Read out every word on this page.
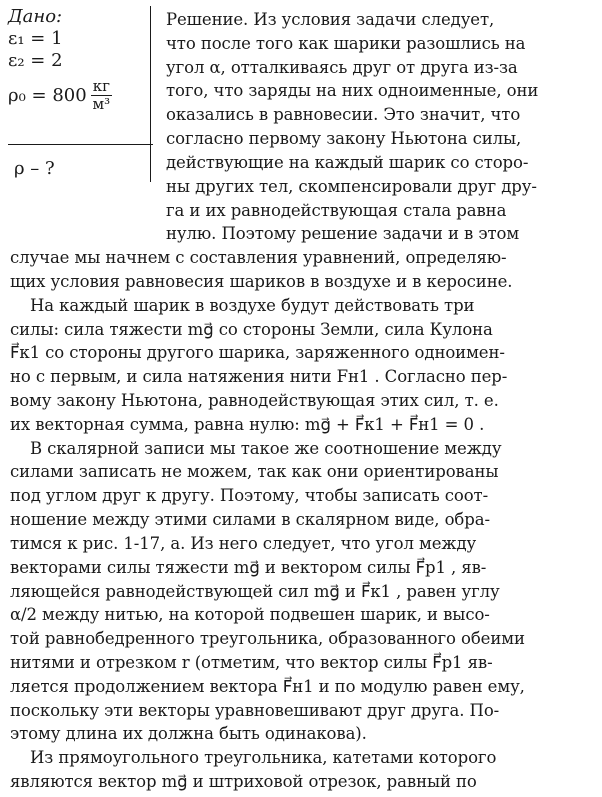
Дано:
ε₁ = 1
ε₂ = 2
$\rho_0 = 800 \frac{кг}{\text{м³}}$
ρ – ?
Решение. Из условия задачи следует,
что после того как шарики разошлись на
угол α, отталкиваясь друг от друга из-за
того, что заряды на них одноименные, они
оказались в равновесии. Это значит, что
согласно первому закону Ньютона силы,
действующие на каждый шарик со сторо-
ны других тел, скомпенсировали друг дру-
га и их равнодействующая стала равна
нулю. Поэтому решение задачи и в этом
случае мы начнем с составления уравнений, определяю-
щих условия равновесия шариков в воздухе и в керосине.
На каждый шарик в воздухе будут действовать три
силы: сила тяжести mg⃗ со стороны Земли, сила Кулона
F⃗к1 со стороны другого шарика, заряженного одноимен-
но с первым, и сила натяжения нити Fн1 . Согласно пер-
вому закону Ньютона, равнодействующая этих сил, т. е.
их векторная сумма, равна нулю: mg⃗ + F⃗к1 + F⃗н1 = 0 .
В скалярной записи мы такое же соотношение между
силами записать не можем, так как они ориентированы
под углом друг к другу. Поэтому, чтобы записать соот-
ношение между этими силами в скалярном виде, обра-
тимся к рис. 1-17, а. Из него следует, что угол между
векторами силы тяжести mg⃗ и вектором силы F⃗р1 , яв-
ляющейся равнодействующей сил mg⃗ и F⃗к1 , равен углу
α/2 между нитью, на которой подвешен шарик, и высо-
той равнобедренного треугольника, образованного обеими
нитями и отрезком r (отметим, что вектор силы F⃗р1 яв-
ляется продолжением вектора F⃗н1 и по модулю равен ему,
поскольку эти векторы уравновешивают друг друга. По-
этому длина их должна быть одинакова).
Из прямоугольного треугольника, катетами которого
являются вектор mg⃗ и штриховой отрезок, равный по
